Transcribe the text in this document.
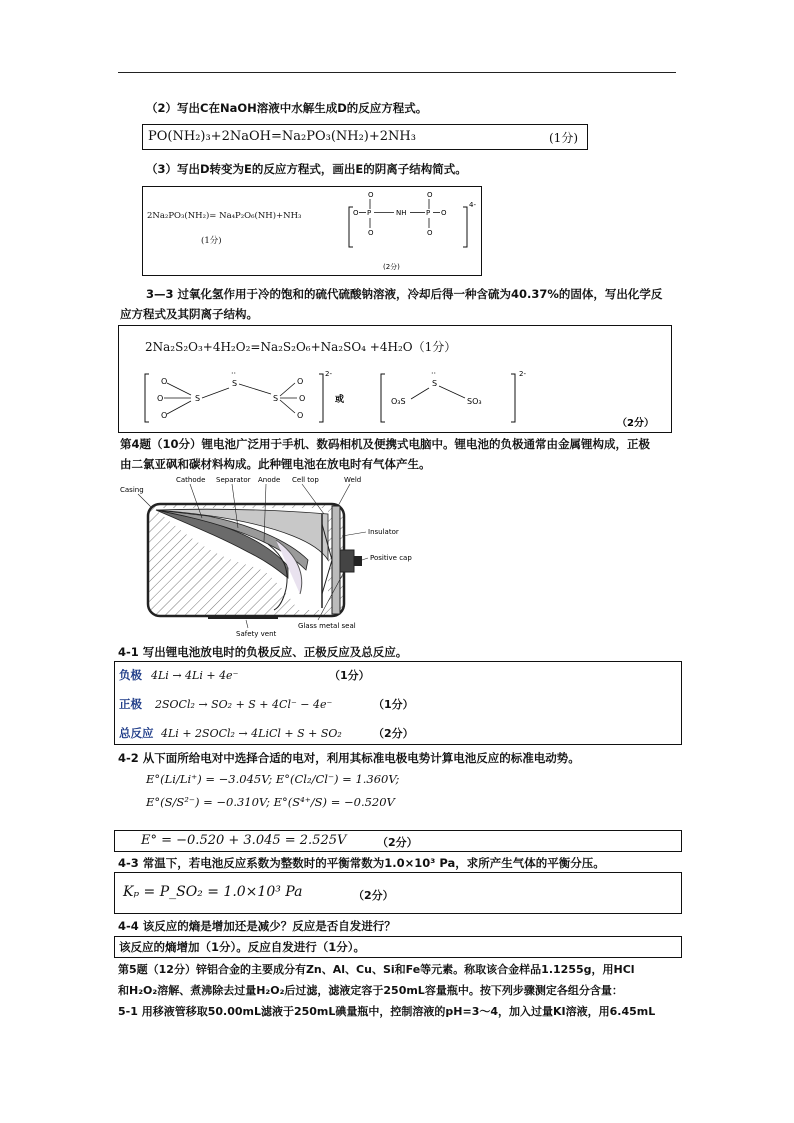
（2）写出C在NaOH溶液中水解生成D的反应方程式。
PO(NH₂)₃+2NaOH=Na₂PO₃(NH₂)+2NH₃	(1分)
（3）写出D转变为E的反应方程式，画出E的阴离子结构简式。
2Na₂PO₃(NH₂)= Na₄P₂O₆(NH)+NH₃
(1分)
4-
O	O
O P	NH	P O
O	O
(2分)
3—3 过氧化氢作用于冷的饱和的硫代硫酸钠溶液，冷却后得一种含硫为40.37%的固体，写出化学反
应方程式及其阴离子结构。
2Na₂S₂O₃+4H₂O₂=Na₂S₂O₆+Na₂SO₄ +4H₂O（1分）
O
O
O
S
··
S
S
O
O
O
2-
或	O₃S
··
S
SO₃
2-
（2分）
第4题（10分）锂电池广泛用于手机、数码相机及便携式电脑中。锂电池的负极通常由金属锂构成，正极
由二氯亚砜和碳材料构成。此种锂电池在放电时有气体产生。
Casing
Cathode Separator Anode Cell top	Weld
Insulator
Positive cap
Glass metal seal
Safety vent
4-1 写出锂电池放电时的负极反应、正极反应及总反应。
负极 4Li → 4Li + 4e⁻	（1分）
正极 2SOCl₂ → SO₂ + S + 4Cl⁻ − 4e⁻	（1分）
总反应 4Li + 2SOCl₂ → 4LiCl + S + SO₂	（2分）
4-2 从下面所给电对中选择合适的电对，利用其标准电极电势计算电池反应的标准电动势。
E°(Li/Li⁺) = −3.045V; E°(Cl₂/Cl⁻) = 1.360V;
E°(S/S²⁻) = −0.310V; E°(S⁴⁺/S) = −0.520V
E° = −0.520 + 3.045 = 2.525V	（2分）
4-3 常温下，若电池反应系数为整数时的平衡常数为1.0×10³ Pa，求所产生气体的平衡分压。
Kₚ = P_SO₂ = 1.0×10³ Pa	（2分）
4-4 该反应的熵是增加还是减少？反应是否自发进行？
该反应的熵增加（1分）。反应自发进行（1分）。
第5题（12分）锌铝合金的主要成分有Zn、Al、Cu、Si和Fe等元素。称取该合金样品1.1255g，用HCl
和H₂O₂溶解、煮沸除去过量H₂O₂后过滤，滤液定容于250mL容量瓶中。按下列步骤测定各组分含量：
5-1 用移液管移取50.00mL滤液于250mL碘量瓶中，控制溶液的pH=3～4，加入过量KI溶液，用6.45mL
